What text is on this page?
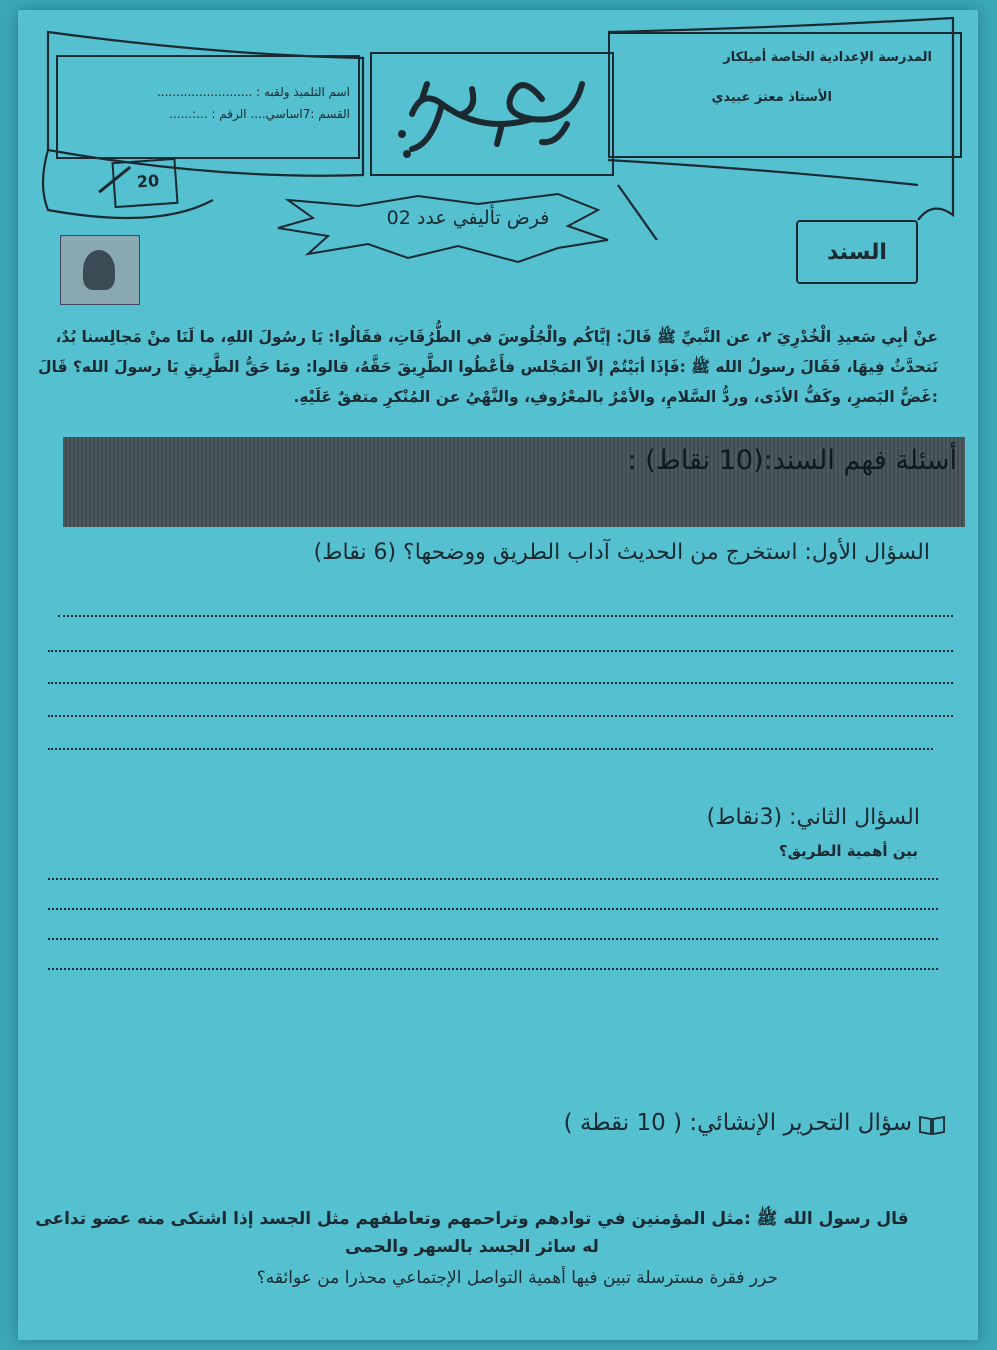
المدرسة الإعدادية الخاصة أميلكار
الأستاذ معتز عبيدي
اسم التلميذ ولقبه : .........................
القسم :7اساسي.... الرقم : ...:......
20
فرض تأليفي عدد 02
السند
عنْ أبِي سَعيدِ الْخُدْرِيَ ٢، عن النَّبيِّ ﷺ قَالَ: إيَّاكُم والْجُلُوسَ في الطُّرُقَاتِ، فقَالُوا: يَا رسُولَ اللهِ، ما لَنَا منْ مَجالِسنا بُدٌ، نَتحدَّثُ فِيهَا، فَقَالَ رسولُ الله ﷺ :فَإذَا أبَيْتُمْ إلاّ المَجْلس فأَعْطُوا الطَّرِيقَ حَقَّهُ، قالوا: ومَا حَقُّ الطَّرِيقِ يَا رسولَ الله؟ قَالَ :غَضُّ البَصرِ، وكَفُّ الأذَى، وردُّ السَّلامِ، والأمْرُ بالمعْرُوفِ، والنَّهْيُ عن المُنْكرِ متفقٌ عَلَيْهِ.
أسئلة فهم السند:(10 نقاط) :
السؤال الأول: استخرج من الحديث آداب الطريق ووضحها؟ (6 نقاط)
السؤال الثاني: (3نقاط)
بين أهمية الطريق؟
سؤال التحرير الإنشائي: ( 10 نقطة )
قال رسول الله ﷺ :مثل المؤمنين في توادهم وتراحمهم وتعاطفهم مثل الجسد إذا اشتكى منه عضو تداعى له سائر الجسد بالسهر والحمى
حرر فقرة مسترسلة تبين فيها أهمية التواصل الإجتماعي محذرا من عوائقه؟
